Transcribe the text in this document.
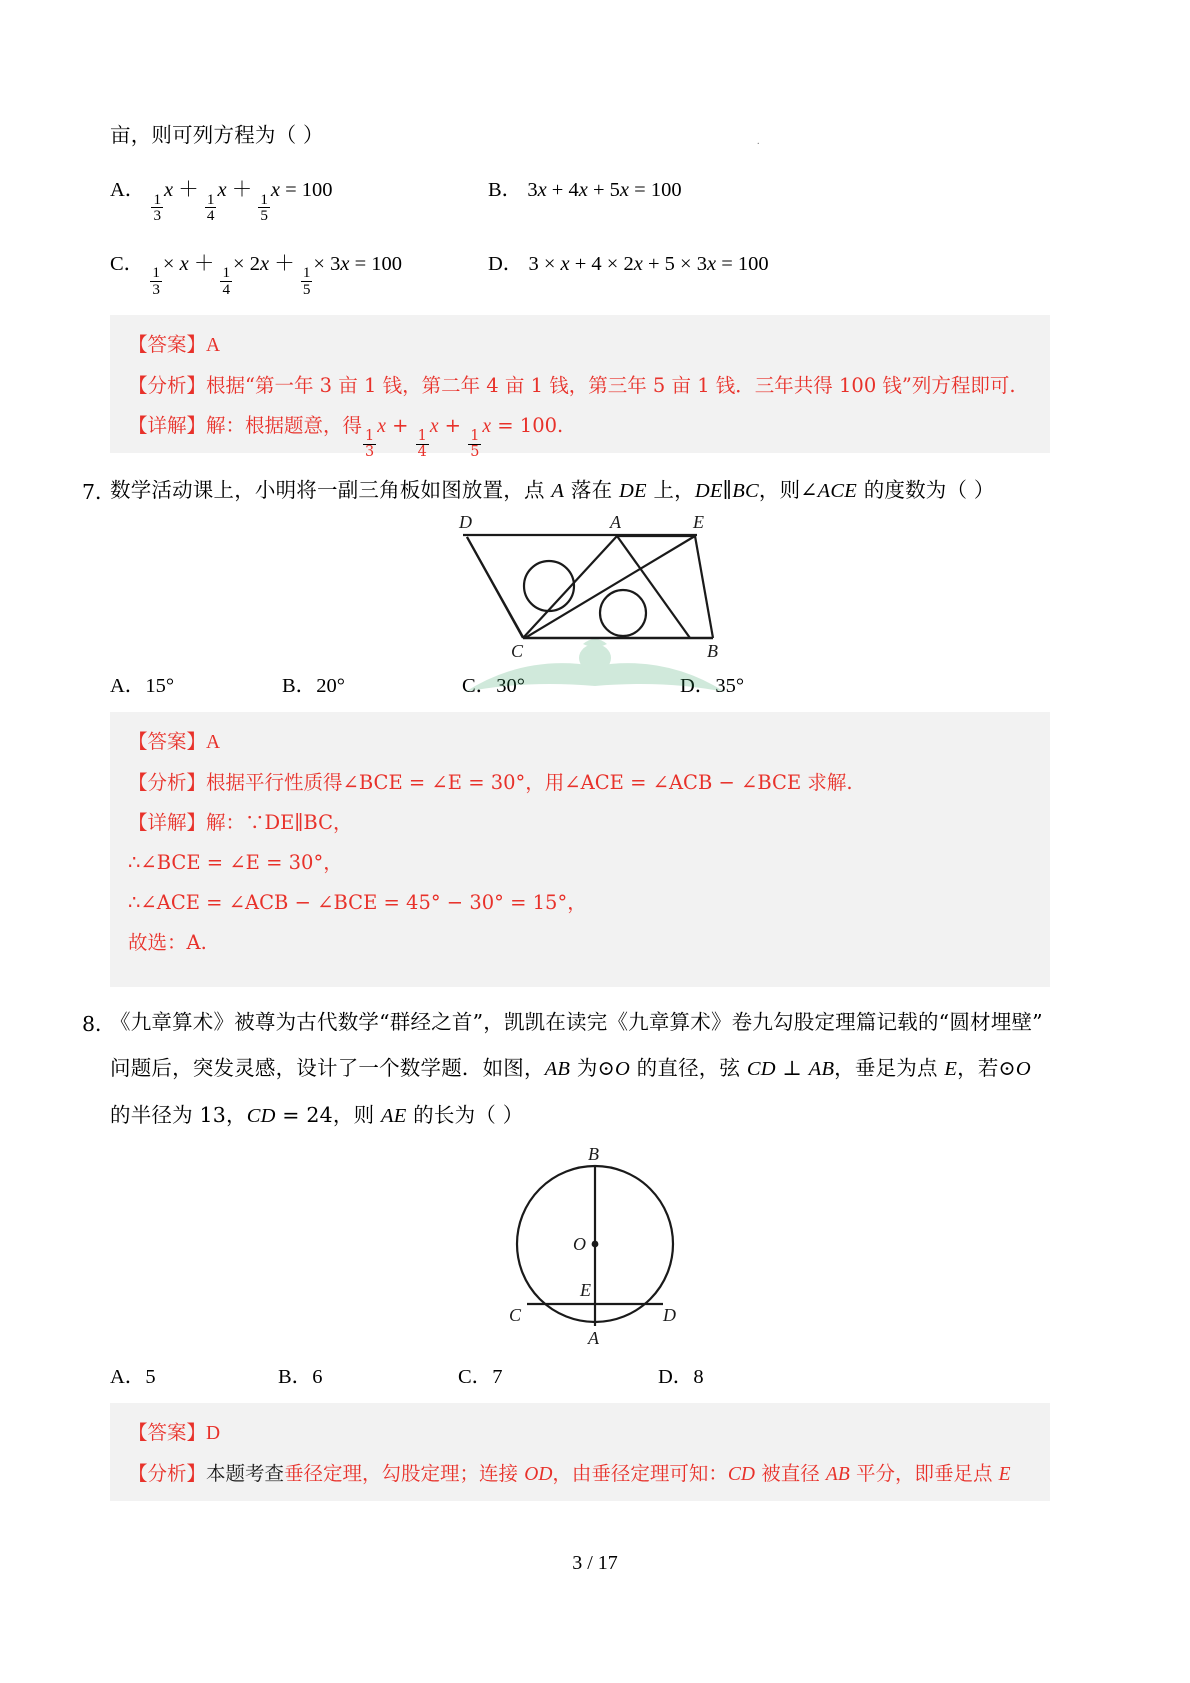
.
亩，则可列方程为（ ）
A．
$\frac{1}{3}$
x ＋
$\frac{1}{4}$
x ＋
$\frac{1}{5}$
x = 100	B． 3x + 4x + 5x = 100
C．
$\frac{1}{3}$
× x ＋
$\frac{1}{4}$
× 2x ＋
$\frac{1}{5}$
× 3x = 100	D． 3 × x + 4 × 2x + 5 × 3x = 100
【答案】A
【分析】根据“第一年 3 亩 1 钱，第二年 4 亩 1 钱，第三年 5 亩 1 钱．三年共得 100 钱”列方程即可.
【详解】解：根据题意，得
$\frac{1}{3}$
x +
$\frac{1}{4}$
x +
$\frac{1}{5}$
x = 100.
7．
数学活动课上，小明将一副三角板如图放置，点 A 落在 DE 上，DE∥BC，则∠ACE 的度数为（ ）
D	A	E
C	B
A．15°	B．20°	C．30°	D．35°
【答案】A
【分析】根据平行性质得∠BCE = ∠E = 30°，用∠ACE = ∠ACB − ∠BCE 求解.
【详解】解：∵DE∥BC，
∴∠BCE = ∠E = 30°，
∴∠ACE = ∠ACB − ∠BCE = 45° − 30° = 15°，
故选：A.
8．
《九章算术》被尊为古代数学“群经之首”，凯凯在读完《九章算术》卷九勾股定理篇记载的“圆材埋壁”
问题后，突发灵感，设计了一个数学题．如图，AB 为⊙O 的直径，弦 CD ⊥ AB，垂足为点 E，若⊙O
的半径为 13，CD = 24，则 AE 的长为（ ）
B
O
E
C	D
A
A．5	B．6	C．7	D．8
【答案】D
【分析】本题考查垂径定理，勾股定理；连接 OD，由垂径定理可知：CD 被直径 AB 平分，即垂足点 E
3 / 17
